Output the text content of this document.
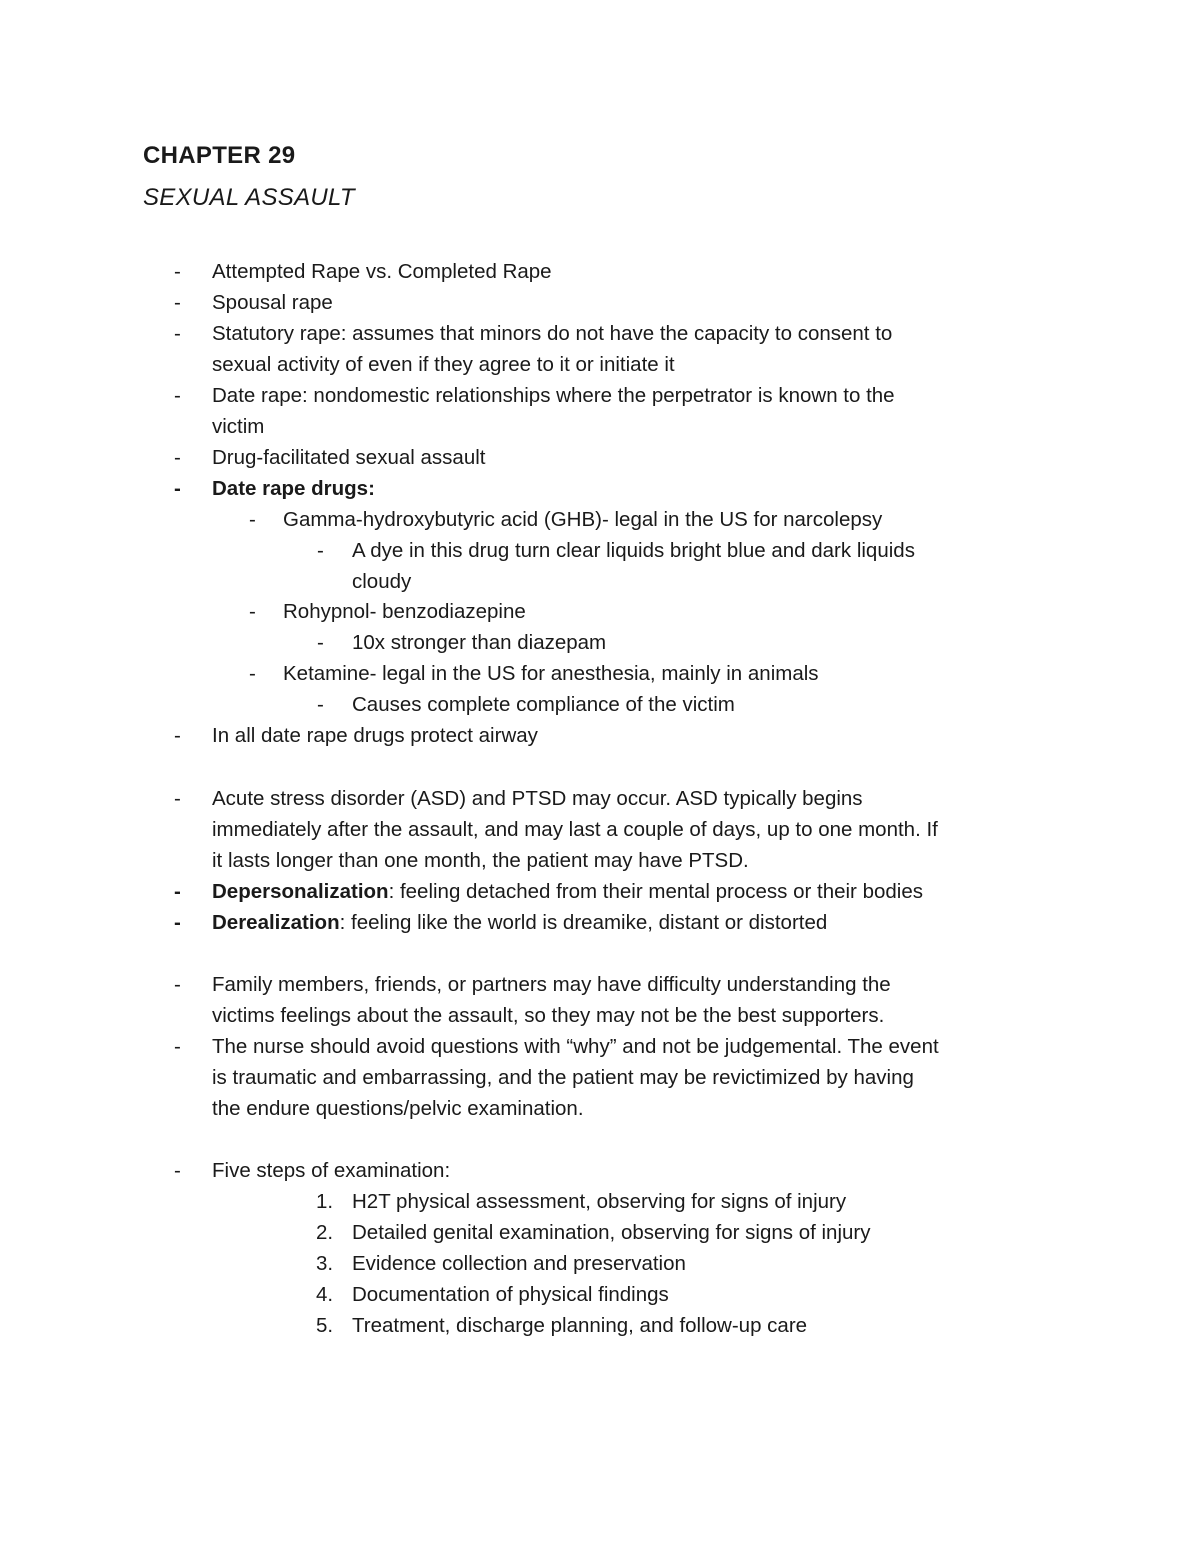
CHAPTER 29
SEXUAL ASSAULT
- Attempted Rape vs. Completed Rape
- Spousal rape
- Statutory rape: assumes that minors do not have the capacity to consent to
sexual activity of even if they agree to it or initiate it
- Date rape: nondomestic relationships where the perpetrator is known to the
victim
- Drug-facilitated sexual assault
- Date rape drugs:
- Gamma-hydroxybutyric acid (GHB)- legal in the US for narcolepsy
- A dye in this drug turn clear liquids bright blue and dark liquids
cloudy
- Rohypnol- benzodiazepine
- 10x stronger than diazepam
- Ketamine- legal in the US for anesthesia, mainly in animals
- Causes complete compliance of the victim
- In all date rape drugs protect airway
- Acute stress disorder (ASD) and PTSD may occur. ASD typically begins
immediately after the assault, and may last a couple of days, up to one month. If
it lasts longer than one month, the patient may have PTSD.
- Depersonalization: feeling detached from their mental process or their bodies
- Derealization: feeling like the world is dreamike, distant or distorted
- Family members, friends, or partners may have difficulty understanding the
victims feelings about the assault, so they may not be the best supporters.
- The nurse should avoid questions with “why” and not be judgemental. The event
is traumatic and embarrassing, and the patient may be revictimized by having
the endure questions/pelvic examination.
- Five steps of examination:
1. H2T physical assessment, observing for signs of injury
2. Detailed genital examination, observing for signs of injury
3. Evidence collection and preservation
4. Documentation of physical findings
5. Treatment, discharge planning, and follow-up care
